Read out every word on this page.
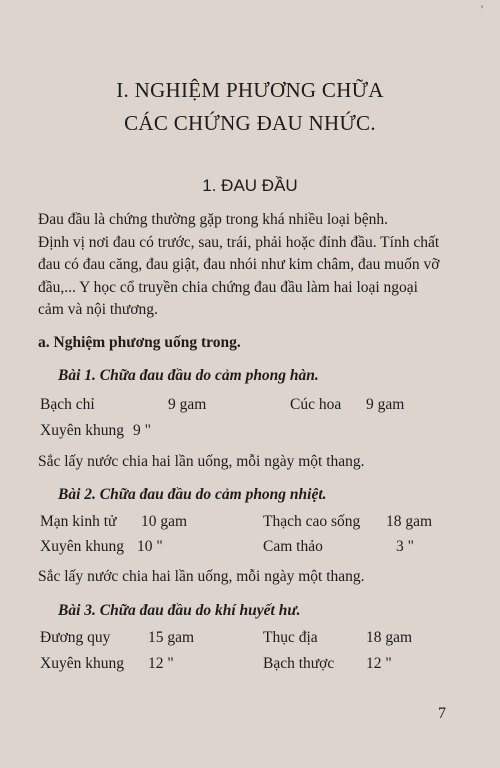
'
I. NGHIỆM PHƯƠNG CHỮA
CÁC CHỨNG ĐAU NHỨC.
1. ĐAU ĐẦU
Đau đầu là chứng thường gặp trong khá nhiều loại bệnh.
Định vị nơi đau có trước, sau, trái, phải hoặc đỉnh đầu. Tính chất
đau có đau căng, đau giật, đau nhói như kim châm, đau muốn vỡ
đầu,... Y học cổ truyền chia chứng đau đầu làm hai loại ngoại
cảm và nội thương.
a. Nghiệm phương uống trong.
Bài 1. Chữa đau đầu do cảm phong hàn.
Bạch chỉ	9 gam	Cúc hoa 9 gam
Xuyên khung 9 "
Sắc lấy nước chia hai lần uống, mỗi ngày một thang.
Bài 2. Chữa đau đầu do cảm phong nhiệt.
Mạn kinh tử 10 gam	Thạch cao sống 18 gam
Xuyên khung 10 "	Cam thảo	3 "
Sắc lấy nước chia hai lần uống, mỗi ngày một thang.
Bài 3. Chữa đau đầu do khí huyết hư.
Đương quy 15 gam	Thục địa	18 gam
Xuyên khung 12 "	Bạch thược 12 "
7
